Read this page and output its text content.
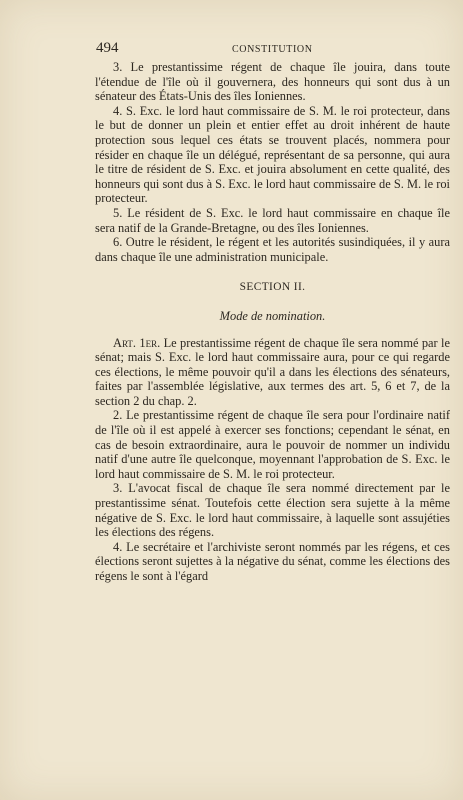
494	CONSTITUTION

3. Le prestantissime régent de chaque île jouira, dans toute l'étendue de l'île où il gouvernera, des honneurs qui sont dus à un sénateur des États-Unis des îles Ioniennes.

4. S. Exc. le lord haut commissaire de S. M. le roi protecteur, dans le but de donner un plein et entier effet au droit inhérent de haute protection sous lequel ces états se trouvent placés, nommera pour résider en chaque île un délégué, représentant de sa personne, qui aura le titre de résident de S. Exc. et jouira absolument en cette qualité, des honneurs qui sont dus à S. Exc. le lord haut commissaire de S. M. le roi protecteur.

5. Le résident de S. Exc. le lord haut commissaire en chaque île sera natif de la Grande-Bretagne, ou des îles Ioniennes.

6. Outre le résident, le régent et les autorités susindiquées, il y aura dans chaque île une administration municipale.

SECTION II.
Mode de nomination.

Art. 1er. Le prestantissime régent de chaque île sera nommé par le sénat; mais S. Exc. le lord haut commissaire aura, pour ce qui regarde ces élections, le même pouvoir qu'il a dans les élections des sénateurs, faites par l'assemblée législative, aux termes des art. 5, 6 et 7, de la section 2 du chap. 2.

2. Le prestantissime régent de chaque île sera pour l'ordinaire natif de l'île où il est appelé à exercer ses fonctions; cependant le sénat, en cas de besoin extraordinaire, aura le pouvoir de nommer un individu natif d'une autre île quelconque, moyennant l'approbation de S. Exc. le lord haut commissaire de S. M. le roi protecteur.

3. L'avocat fiscal de chaque île sera nommé directement par le prestantissime sénat. Toutefois cette élection sera sujette à la même négative de S. Exc. le lord haut commissaire, à laquelle sont assujéties les élections des régens.

4. Le secrétaire et l'archiviste seront nommés par les régens, et ces élections seront sujettes à la négative du sénat, comme les élections des régens le sont à l'égard
